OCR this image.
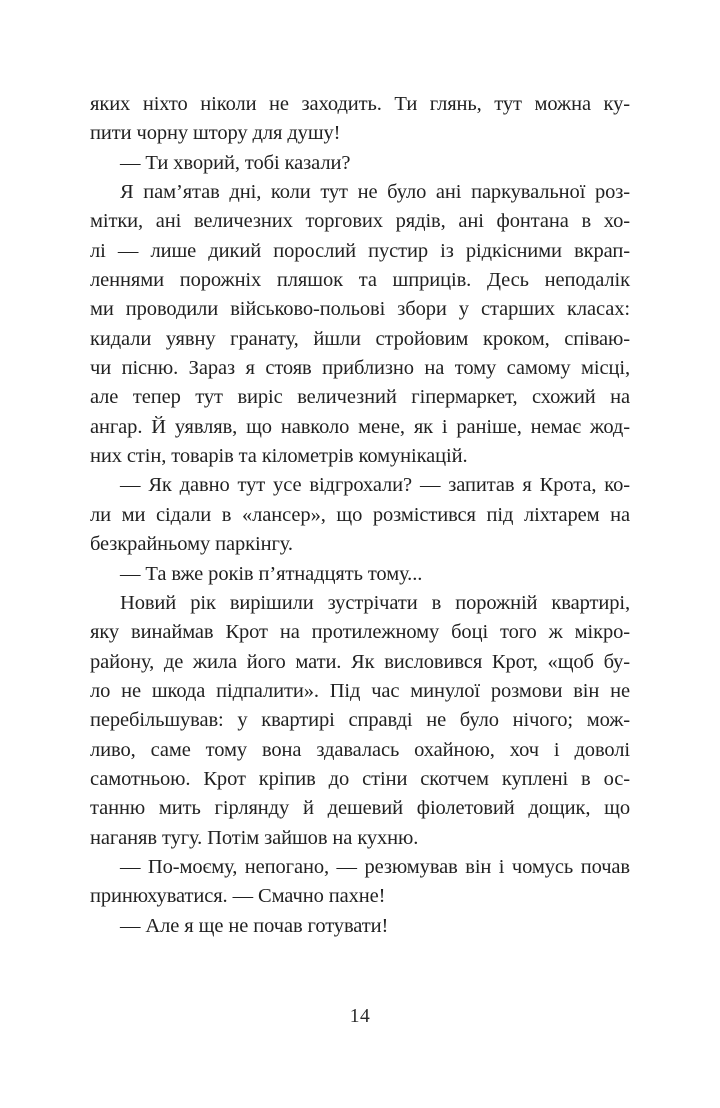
яких ніхто ніколи не заходить. Ти глянь, тут можна ку-
пити чорну штору для душу!
— Ти хворий, тобі казали?
Я пам’ятав дні, коли тут не було ані паркувальної роз-
мітки, ані величезних торгових рядів, ані фонтана в хо-
лі — лише дикий порослий пустир із рідкісними вкрап-
леннями порожніх пляшок та шприців. Десь неподалік
ми проводили військово-польові збори у старших класах:
кидали уявну гранату, йшли стройовим кроком, співаю-
чи пісню. Зараз я стояв приблизно на тому самому місці,
але тепер тут виріс величезний гіпермаркет, схожий на
ангар. Й уявляв, що навколо мене, як і раніше, немає жод-
них стін, товарів та кілометрів комунікацій.
— Як давно тут усе відгрохали? — запитав я Крота, ко-
ли ми сідали в «лансер», що розмістився під ліхтарем на
безкрайньому паркінгу.
— Та вже років п’ятнадцять тому...
Новий рік вирішили зустрічати в порожній квартирі,
яку винаймав Крот на протилежному боці того ж мікро-
району, де жила його мати. Як висловився Крот, «щоб бу-
ло не шкода підпалити». Під час минулої розмови він не
перебільшував: у квартирі справді не було нічого; мож-
ливо, саме тому вона здавалась охайною, хоч і доволі
самотньою. Крот кріпив до стіни скотчем куплені в ос-
танню мить гірлянду й дешевий фіолетовий дощик, що
наганяв тугу. Потім зайшов на кухню.
— По-моєму, непогано, — резюмував він і чомусь почав
принюхуватися. — Смачно пахне!
— Але я ще не почав готувати!
14
